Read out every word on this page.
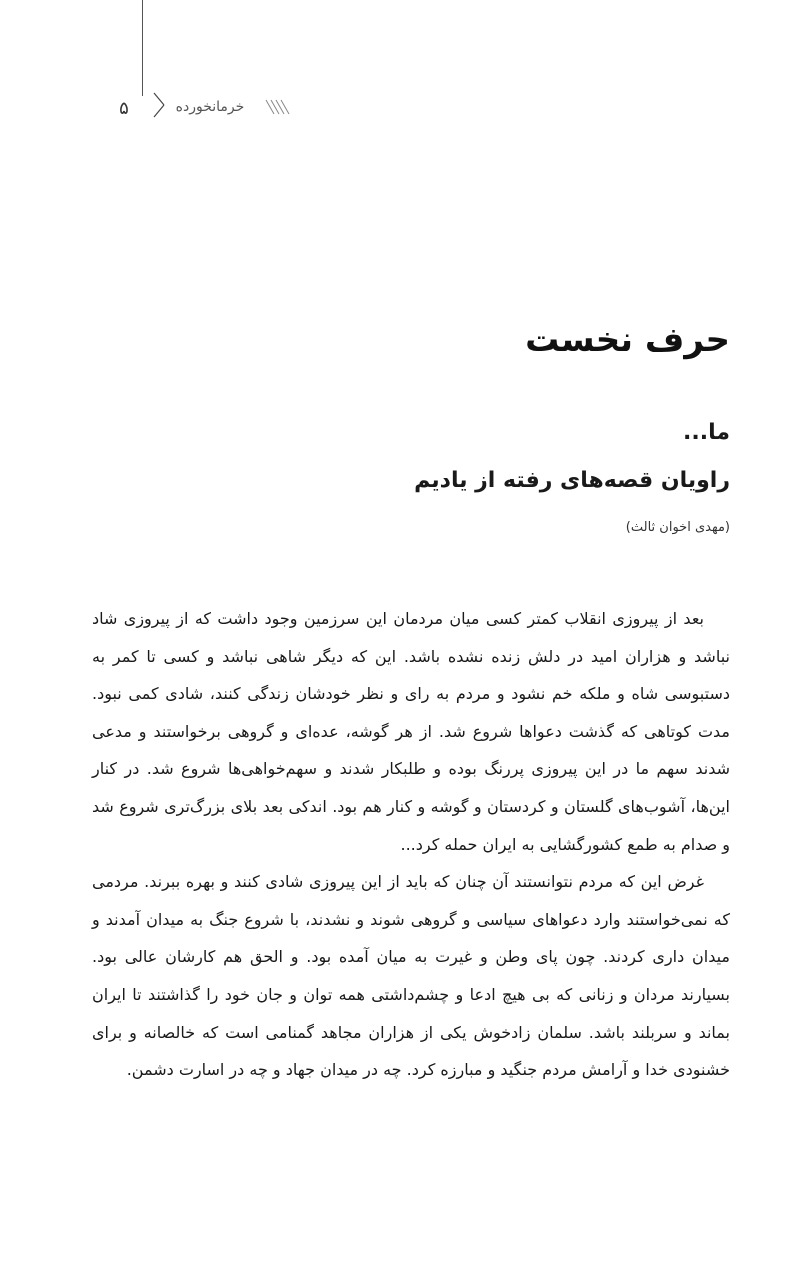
۵	خرمانخورده
حرف نخست
ما...
راویان قصه‌های رفته از یادیم
(مهدی اخوان ثالث)

بعد از پیروزی انقلاب کمتر کسی میان مردمان این سرزمین وجود داشت که از پیروزی شاد نباشد و هزاران امید در دلش زنده نشده باشد. این که دیگر شاهی نباشد و کسی تا کمر به دستبوسی شاه و ملکه خم نشود و مردم به رای و نظر خودشان زندگی کنند، شادی کمی نبود. مدت کوتاهی که گذشت دعواها شروع شد. از هر گوشه، عده‌ای و گروهی برخواستند و مدعی شدند سهم ما در این پیروزی پررنگ بوده و طلبکار شدند و سهم‌خواهی‌ها شروع شد. در کنار این‌ها، آشوب‌های گلستان و کردستان و گوشه و کنار هم بود. اندکی بعد بلای بزرگ‌تری شروع شد و صدام به طمع کشورگشایی به ایران حمله کرد...

غرض این که مردم نتوانستند آن چنان که باید از این پیروزی شادی کنند و بهره ببرند. مردمی که نمی‌خواستند وارد دعواهای سیاسی و گروهی شوند و نشدند، با شروع جنگ به میدان آمدند و میدان داری کردند. چون پای وطن و غیرت به میان آمده بود. و الحق هم کارشان عالی بود. بسیارند مردان و زنانی که بی هیچ ادعا و چشم‌داشتی همه توان و جان خود را گذاشتند تا ایران بماند و سربلند باشد. سلمان زادخوش یکی از هزاران مجاهد گمنامی است که خالصانه و برای خشنودی خدا و آرامش مردم جنگید و مبارزه کرد. چه در میدان جهاد و چه در اسارت دشمن.
